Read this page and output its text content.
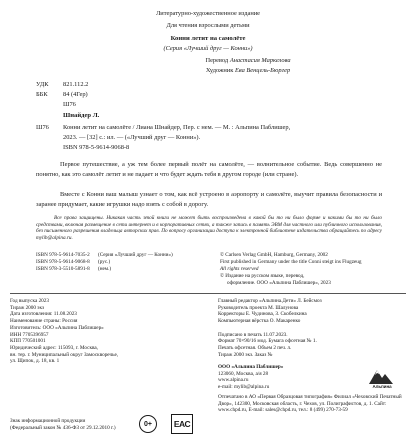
Литературно-художественное издание
Для чтения взрослыми детьми
Конни летит на самолёте
(Серия «Лучший друг — Конни»)
Перевод Анастасия Маркелова
Художник Ева Венцель-Бюргер
УДК	821.112.2
ББК	84 (4Гер)
Ш76
Шнайдер Л.
Ш76 Конни летит на самолёте / Лиана Шнайдер, Пер. с нем. — М. : Альпина Паблишер,
2023. — [32] с.: ил. — («Лучший друг — Конни»).
ISBN 978-5-9614-9068-8
Первое путешествие, а уж тем более первый полёт на самолёте, — волнительное событие. Ведь совершенно не понятно, как это самолёт летит и не падает и что будет ждать тебя в другом городе (или стране).
Вместе с Конни ваш малыш узнает о том, как всё устроено в аэропорту и самолёте, выучит правила безопасности и заранее придумает, какие игрушки надо взять с собой в дорогу.
Все права защищены. Никакая часть этой книги не может быть воспроизведена в какой бы то ни было форме и какими бы то ни было средствами, включая размещение в сети интернет и в корпоративных сетях, а также запись в память ЭВМ для частного или публичного использования, без письменного разрешения владельца авторских прав. По вопросу организации доступа к электронной библиотеке издательства обращайтесь по адресу mylib@alpina.ru.
ISBN 978-5-9614-7035-2	(Серия «Лучший друг — Конни»)
ISBN 978-5-9614-9068-8	(рус.)
ISBN 978-3-5510-5891-8	(нем.)
© Carlsen Verlag GmbH, Hamburg, Germany, 2002
First published in Germany under the title Conni steigt ins Flugzeug
All rights reserved
© Издание на русском языке, перевод,
оформление. ООО «Альпина Паблишер», 2023
Год выпуска 2023
Тираж 2000 экз
Дата изготовления: 11.08.2023
Наименование страны: Россия
Изготовитель: ООО «Альпина Паблишер»
ИНН 7705396957
КПП 770501001
Юридический адрес: 115093, г. Москва,
вн. тер. г. Муниципальный округ Замоскворечье,
ул. Щипок, д. 18, кв. 1
Главный редактор «Альпина.Дети» Л. Бейсмоз
Руководитель проекта М. Шалунова
Корректоры Е. Чудинова, З. Скобелкина
Компьютерная вёрстка О. Макаренко
Подписано в печать 11.07.2023.
Формат 70×90/16 мод. Бумага офсетная № 1.
Печать офсетная. Объем 2 печ. л.
Тираж 2000 экз. Заказ №
ООО «Альпина Паблишер»
123060, Москва, а/я 28
www.alpina.ru
e-mail: mylib@alpina.ru	Альпина
Отпечатано в АО «Первая Образцовая типография» Филиал «Чеховский Печатный Двор», 142300, Московская область, г. Чехов, ул. Полиграфистов, д. 1. Сайт: www.chpd.ru, E-mail: sales@chpd.ru, тел.: 8 (499) 270-73-59
Знак информационной продукции
(Федеральный закон № 436-ФЗ от 29.12.2010 г.)
0+	ЕАС
